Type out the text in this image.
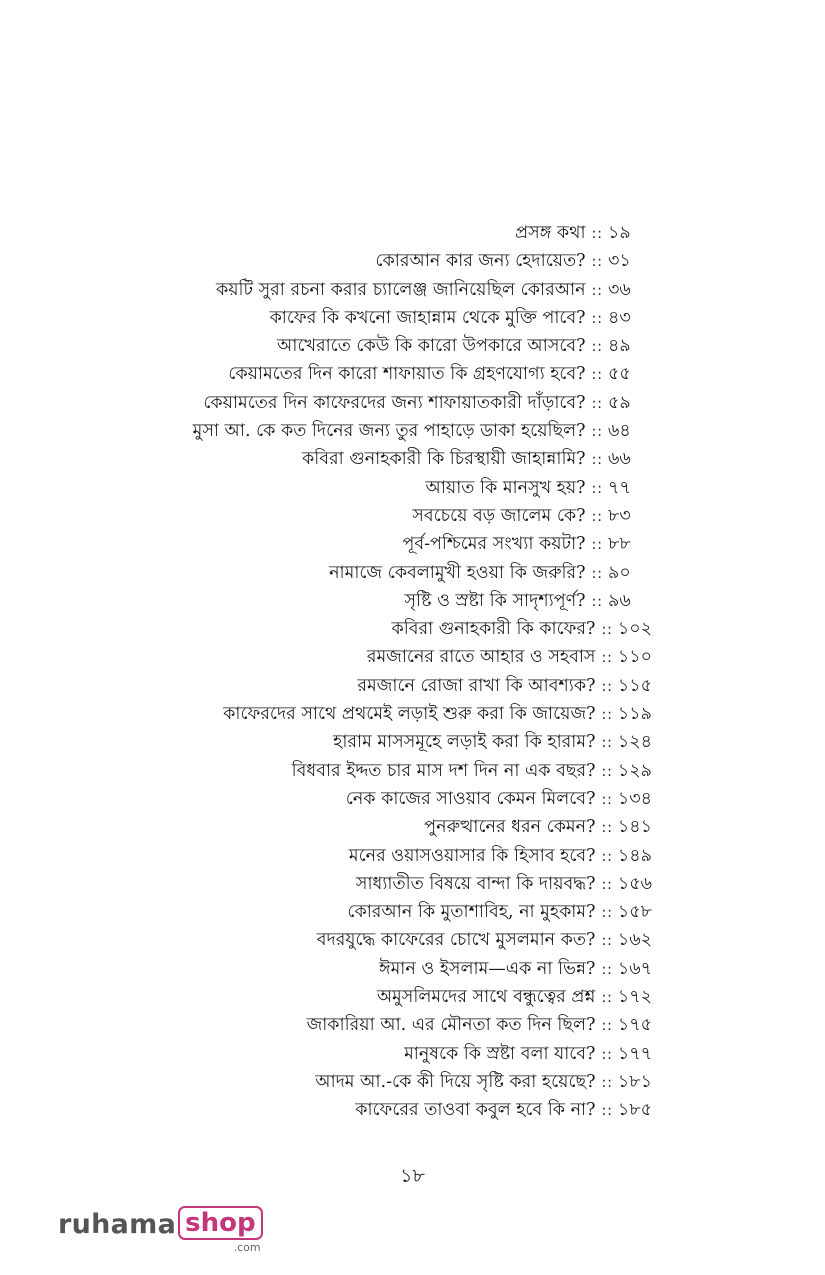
প্রসঙ্গ কথা :: ১৯
কোরআন কার জন্য হেদায়েত? :: ৩১
কয়টি সুরা রচনা করার চ্যালেঞ্জ জানিয়েছিল কোরআন :: ৩৬
কাফের কি কখনো জাহান্নাম থেকে মুক্তি পাবে? :: ৪৩
আখেরাতে কেউ কি কারো উপকারে আসবে? :: ৪৯
কেয়ামতের দিন কারো শাফায়াত কি গ্রহণযোগ্য হবে? :: ৫৫
কেয়ামতের দিন কাফেরদের জন্য শাফায়াতকারী দাঁড়াবে? :: ৫৯
মুসা আ. কে কত দিনের জন্য তুর পাহাড়ে ডাকা হয়েছিল? :: ৬৪
কবিরা গুনাহকারী কি চিরস্থায়ী জাহান্নামি? :: ৬৬
আয়াত কি মানসুখ হয়? :: ৭৭
সবচেয়ে বড় জালেম কে? :: ৮৩
পূর্ব-পশ্চিমের সংখ্যা কয়টা? :: ৮৮
নামাজে কেবলামুখী হওয়া কি জরুরি? :: ৯০
সৃষ্টি ও স্রষ্টা কি সাদৃশ্যপূর্ণ? :: ৯৬
কবিরা গুনাহকারী কি কাফের? :: ১০২
রমজানের রাতে আহার ও সহবাস :: ১১০
রমজানে রোজা রাখা কি আবশ্যক? :: ১১৫
কাফেরদের সাথে প্রথমেই লড়াই শুরু করা কি জায়েজ? :: ১১৯
হারাম মাসসমূহে লড়াই করা কি হারাম? :: ১২৪
বিধবার ইদ্দত চার মাস দশ দিন না এক বছর? :: ১২৯
নেক কাজের সাওয়াব কেমন মিলবে? :: ১৩৪
পুনরুত্থানের ধরন কেমন? :: ১৪১
মনের ওয়াসওয়াসার কি হিসাব হবে? :: ১৪৯
সাধ্যাতীত বিষয়ে বান্দা কি দায়বদ্ধ? :: ১৫৬
কোরআন কি মুতাশাবিহ, না মুহকাম? :: ১৫৮
বদরযুদ্ধে কাফেরের চোখে মুসলমান কত? :: ১৬২
ঈমান ও ইসলাম—এক না ভিন্ন? :: ১৬৭
অমুসলিমদের সাথে বন্ধুত্বের প্রশ্ন :: ১৭২
জাকারিয়া আ. এর মৌনতা কত দিন ছিল? :: ১৭৫
মানুষকে কি স্রষ্টা বলা যাবে? :: ১৭৭
আদম আ.-কে কী দিয়ে সৃষ্টি করা হয়েছে? :: ১৮১
কাফেরের তাওবা কবুল হবে কি না? :: ১৮৫
১৮
ruhama shop
.com
